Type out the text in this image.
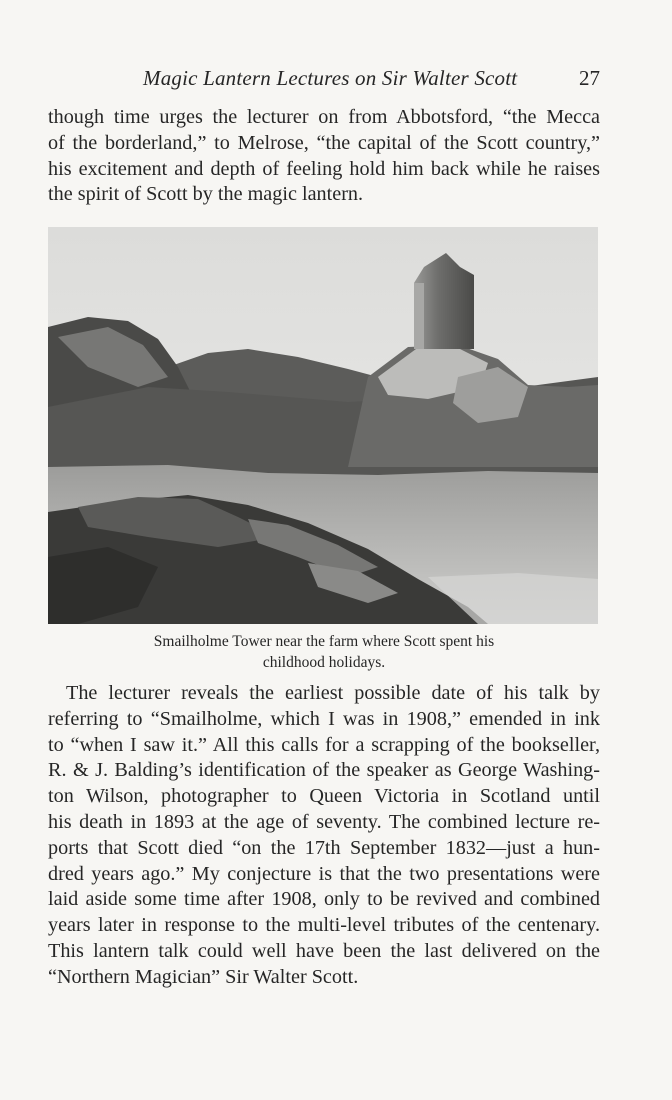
Magic Lantern Lectures on Sir Walter Scott	27
though time urges the lecturer on from Abbotsford, “the Mecca
of the borderland,” to Melrose, “the capital of the Scott country,”
his excitement and depth of feeling hold him back while he raises
the spirit of Scott by the magic lantern.
Smailholme Tower near the farm where Scott spent his
childhood holidays.
The lecturer reveals the earliest possible date of his talk by
referring to “Smailholme, which I was in 1908,” emended in ink
to “when I saw it.” All this calls for a scrapping of the bookseller,
R. & J. Balding’s identification of the speaker as George Washing-
ton Wilson, photographer to Queen Victoria in Scotland until
his death in 1893 at the age of seventy. The combined lecture re-
ports that Scott died “on the 17th September 1832—just a hun-
dred years ago.” My conjecture is that the two presentations were
laid aside some time after 1908, only to be revived and combined
years later in response to the multi-level tributes of the centenary.
This lantern talk could well have been the last delivered on the
“Northern Magician” Sir Walter Scott.
